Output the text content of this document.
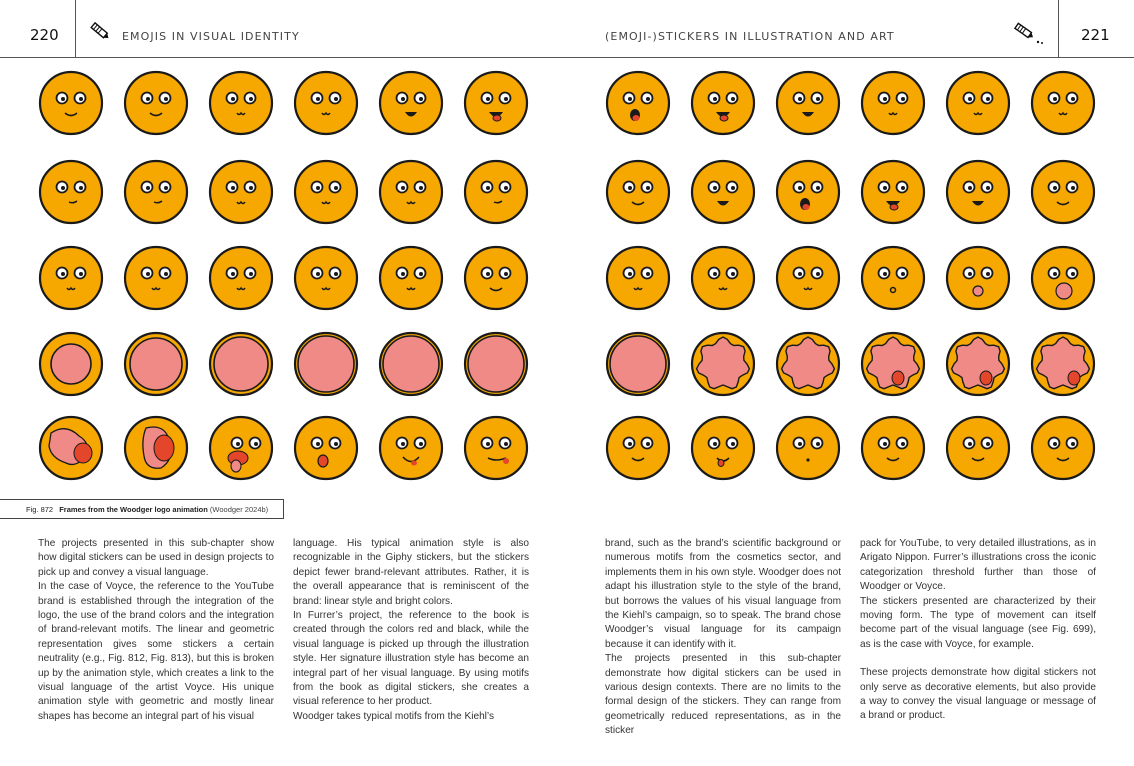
220	EMOJIS IN VISUAL IDENTITY	(EMOJI-)STICKERS IN ILLUSTRATION AND ART	221
Fig. 872 Frames from the Woodger logo animation (Woodger 2024b)

The projects presented in this sub-chapter show how digital stickers can be used in design projects to pick up and convey a visual language.

In the case of Voyce, the reference to the YouTube brand is established through the integration of the logo, the use of the brand colors and the integration of brand-relevant motifs. The linear and geometric representation gives some stickers a certain neutrality (e.g., Fig. 812, Fig. 813), but this is broken up by the animation style, which creates a link to the visual language of the artist Voyce. His unique animation style with geometric and mostly linear shapes has become an integral part of his visual

language. His typical animation style is also recognizable in the Giphy stickers, but the stickers depict fewer brand-relevant attributes. Rather, it is the overall appearance that is reminiscent of the brand: linear style and bright colors.

In Furrer’s project, the reference to the book is created through the colors red and black, while the visual language is picked up through the illustration style. Her signature illustration style has become an integral part of her visual language. By using motifs from the book as digital stickers, she creates a visual reference to her product.

Woodger takes typical motifs from the Kiehl’s

brand, such as the brand’s scientific background or numerous motifs from the cosmetics sector, and implements them in his own style. Woodger does not adapt his illustration style to the style of the brand, but borrows the values of his visual language from the Kiehl’s campaign, so to speak. The brand chose Woodger’s visual language for its campaign because it can identify with it.

The projects presented in this sub-chapter demonstrate how digital stickers can be used in various design contexts. There are no limits to the formal design of the stickers. They can range from geometrically reduced representations, as in the sticker

pack for YouTube, to very detailed illustrations, as in Arigato Nippon. Furrer’s illustrations cross the iconic categorization threshold further than those of Woodger or Voyce.

The stickers presented are characterized by their moving form. The type of movement can itself become part of the visual language (see Fig. 699), as is the case with Voyce, for example.

These projects demonstrate how digital stickers not only serve as decorative elements, but also provide a way to convey the visual language or message of a brand or product.
